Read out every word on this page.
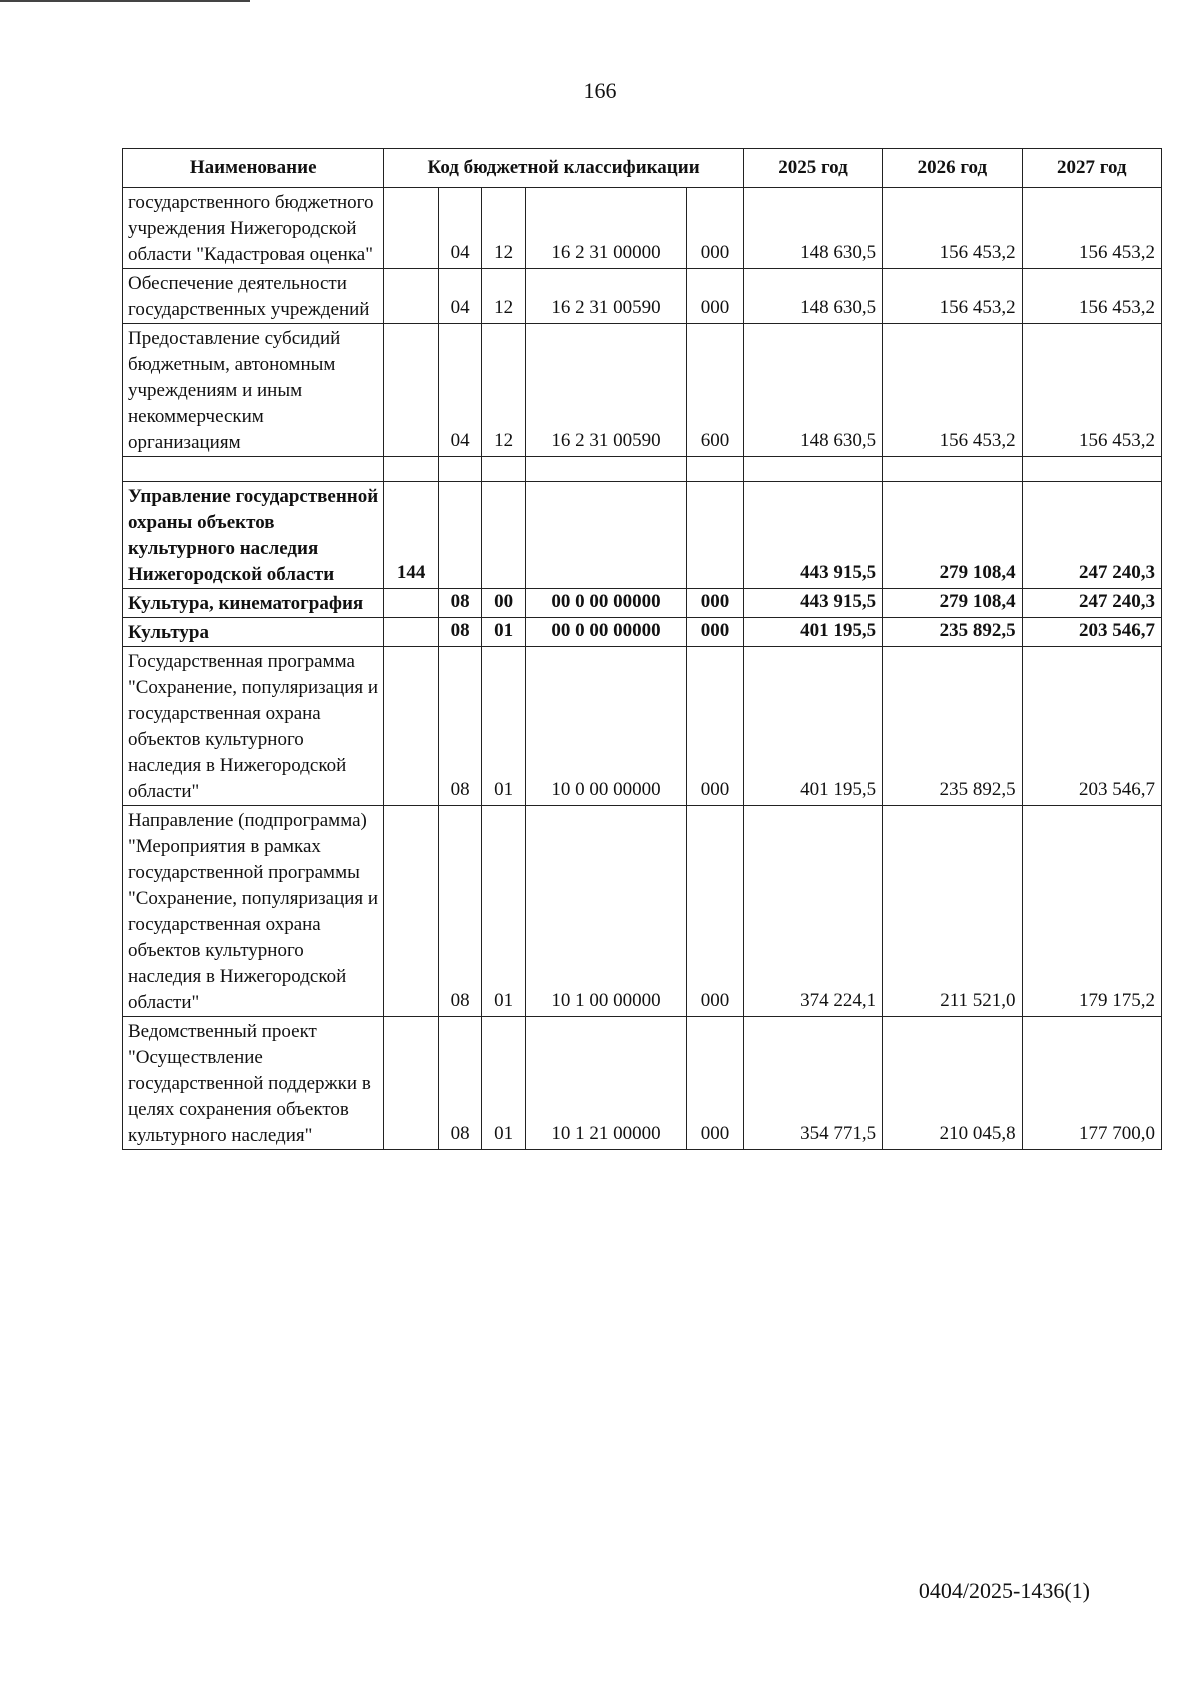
166
Наименование	Код бюджетной классификации					2025 год	2026 год	2027 год
государственного бюджетного учреждения Нижегородской области "Кадастровая оценка"		04	12	16 2 31 00000	000	148 630,5	156 453,2	156 453,2
Обеспечение деятельности государственных учреждений		04	12	16 2 31 00590	000	148 630,5	156 453,2	156 453,2
Предоставление субсидий бюджетным, автономным учреждениям и иным некоммерческим организациям		04	12	16 2 31 00590	600	148 630,5	156 453,2	156 453,2

Управление государственной охраны объектов культурного наследия Нижегородской области	144					443 915,5	279 108,4	247 240,3
Культура, кинематография		08	00	00 0 00 00000	000	443 915,5	279 108,4	247 240,3
Культура		08	01	00 0 00 00000	000	401 195,5	235 892,5	203 546,7
Государственная программа "Сохранение, популяризация и государственная охрана объектов культурного наследия в Нижегородской области"		08	01	10 0 00 00000	000	401 195,5	235 892,5	203 546,7
Направление (подпрограмма) "Мероприятия в рамках государственной программы "Сохранение, популяризация и государственная охрана объектов культурного наследия в Нижегородской области"		08	01	10 1 00 00000	000	374 224,1	211 521,0	179 175,2
Ведомственный проект "Осуществление государственной поддержки в целях сохранения объектов культурного наследия"		08	01	10 1 21 00000	000	354 771,5	210 045,8	177 700,0
0404/2025-1436(1)
